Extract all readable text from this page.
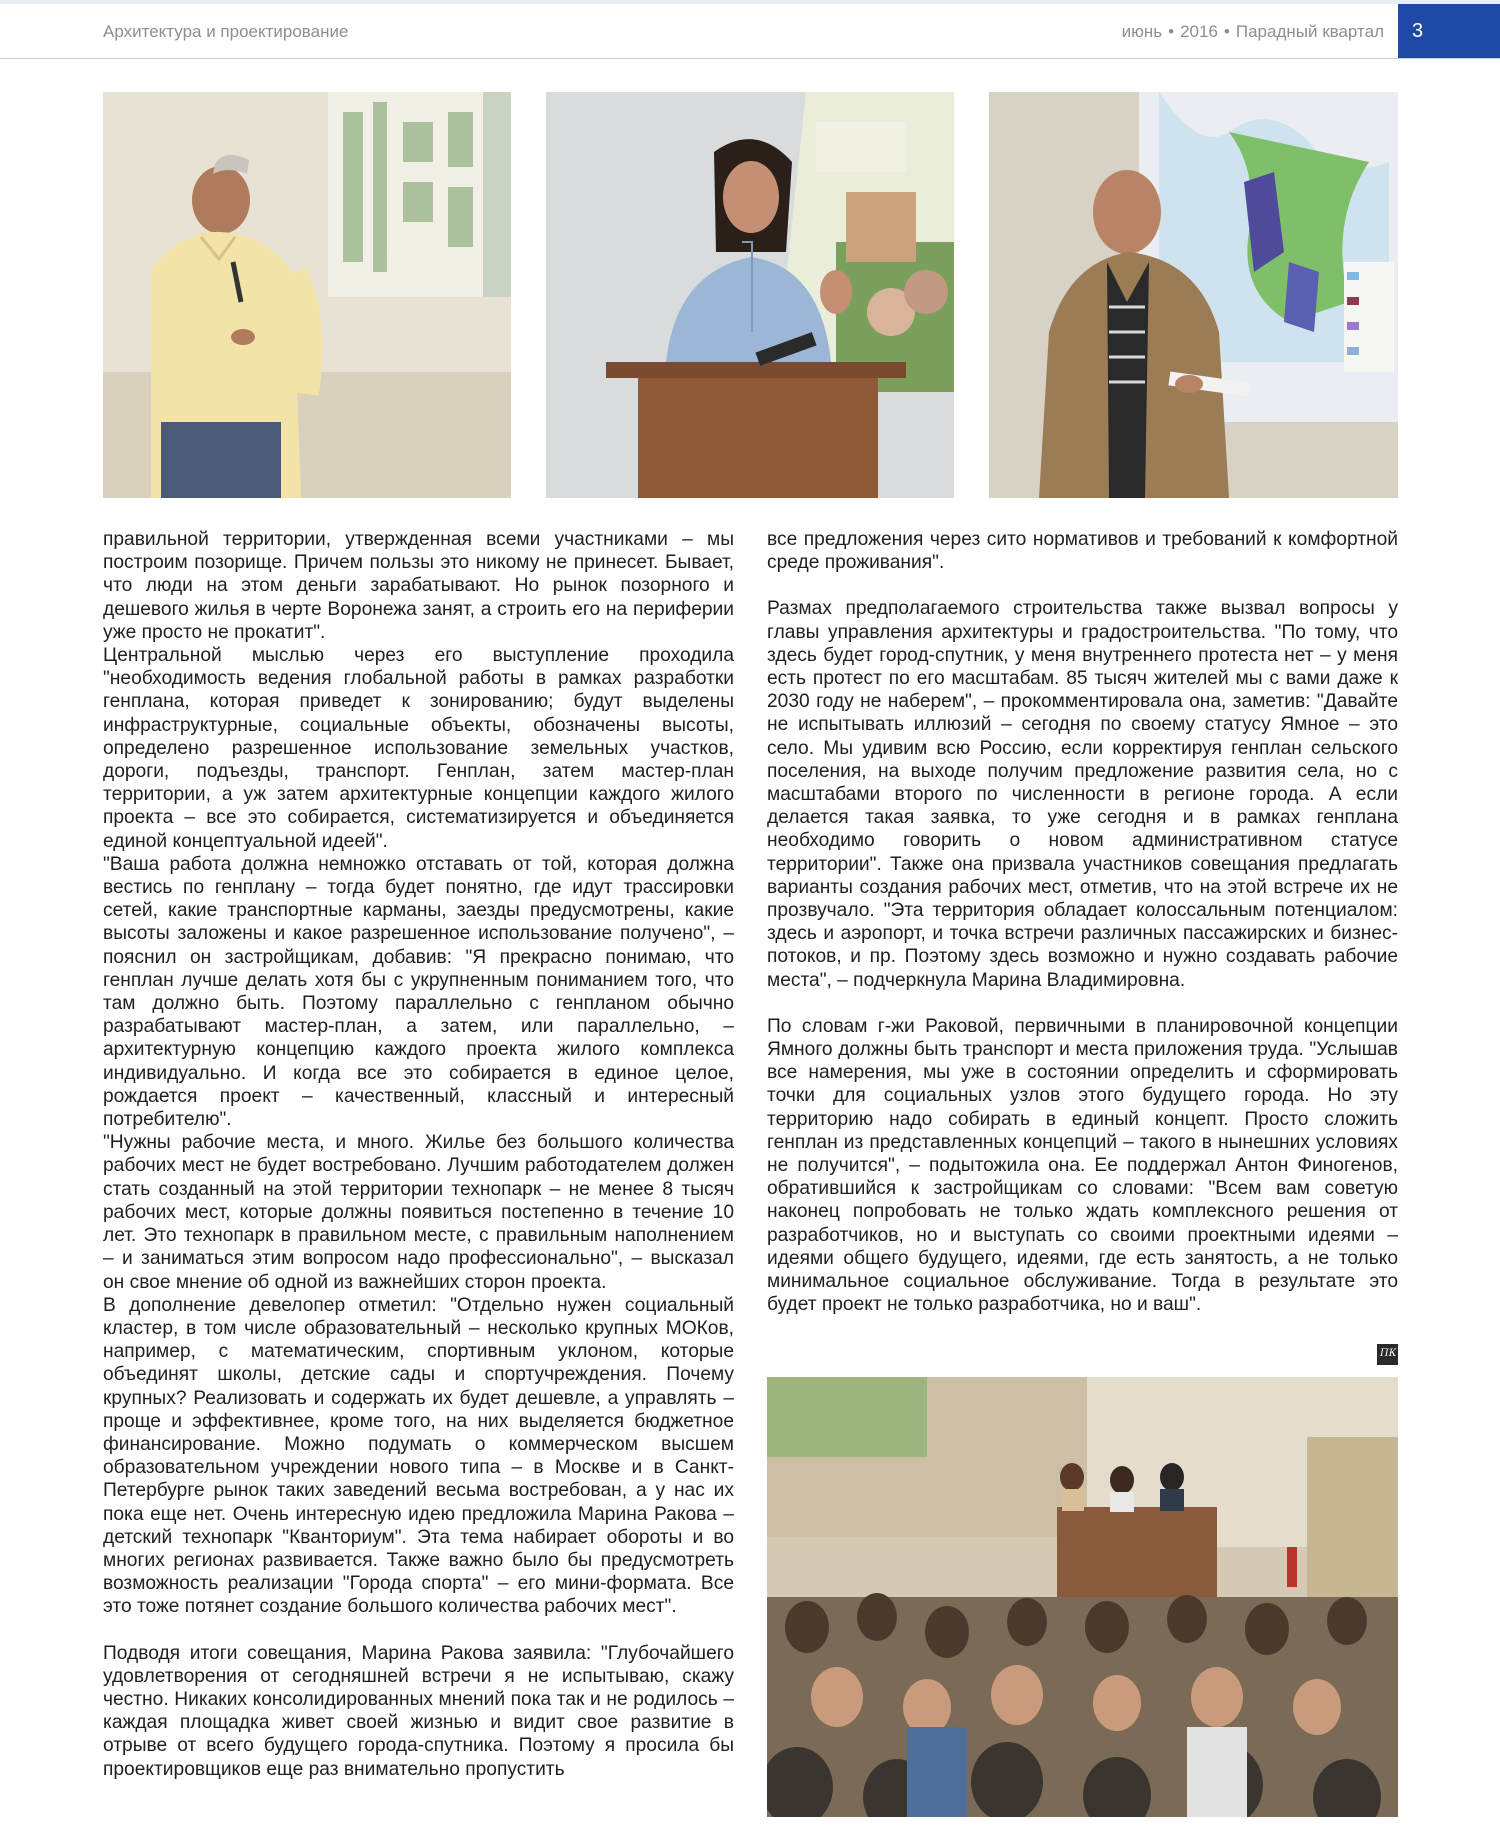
Архитектура и проектирование	июнь • 2016 • Парадный квартал 3

правильной территории, утвержденная всеми участниками – мы построим позорище. Причем пользы это никому не принесет. Бывает, что люди на этом деньги зарабатывают. Но рынок позорного и дешевого жилья в черте Воронежа занят, а строить его на периферии уже просто не прокатит".

Центральной мыслью через его выступление проходила "необходимость ведения глобальной работы в рамках разработки генплана, которая приведет к зонированию; будут выделены инфраструктурные, социальные объекты, обозначены высоты, определено разрешенное использование земельных участков, дороги, подъезды, транспорт. Генплан, затем мастер-план территории, а уж затем архитектурные концепции каждого жилого проекта – все это собирается, систематизируется и объединяется единой концептуальной идеей".

"Ваша работа должна немножко отставать от той, которая должна вестись по генплану – тогда будет понятно, где идут трассировки сетей, какие транспортные карманы, заезды предусмотрены, какие высоты заложены и какое разрешенное использование получено", – пояснил он застройщикам, добавив: "Я прекрасно понимаю, что генплан лучше делать хотя бы с укрупненным пониманием того, что там должно быть. Поэтому параллельно с генпланом обычно разрабатывают мастер-план, а затем, или параллельно, – архитектурную концепцию каждого проекта жилого комплекса индивидуально. И когда все это собирается в единое целое, рождается проект – качественный, классный и интересный потребителю".

"Нужны рабочие места, и много. Жилье без большого количества рабочих мест не будет востребовано. Лучшим работодателем должен стать созданный на этой территории технопарк – не менее 8 тысяч рабочих мест, которые должны появиться постепенно в течение 10 лет. Это технопарк в правильном месте, с правильным наполнением – и заниматься этим вопросом надо профессионально", – высказал он свое мнение об одной из важнейших сторон проекта.

В дополнение девелопер отметил: "Отдельно нужен социальный кластер, в том числе образовательный – несколько крупных МОКов, например, с математическим, спортивным уклоном, которые объединят школы, детские сады и спортучреждения. Почему крупных? Реализовать и содержать их будет дешевле, а управлять – проще и эффективнее, кроме того, на них выделяется бюджетное финансирование. Можно подумать о коммерческом высшем образовательном учреждении нового типа – в Москве и в Санкт-Петербурге рынок таких заведений весьма востребован, а у нас их пока еще нет. Очень интересную идею предложила Марина Ракова – детский технопарк "Кванториум". Эта тема набирает обороты и во многих регионах развивается. Также важно было бы предусмотреть возможность реализации "Города спорта" – его мини-формата. Все это тоже потянет создание большого количества рабочих мест".

Подводя итоги совещания, Марина Ракова заявила: "Глубочайшего удовлетворения от сегодняшней встречи я не испытываю, скажу честно. Никаких консолидированных мнений пока так и не родилось – каждая площадка живет своей жизнью и видит свое развитие в отрыве от всего будущего города-спутника. Поэтому я просила бы проектировщиков еще раз внимательно пропустить

все предложения через сито нормативов и требований к комфортной среде проживания".

Размах предполагаемого строительства также вызвал вопросы у главы управления архитектуры и градостроительства. "По тому, что здесь будет город-спутник, у меня внутреннего протеста нет – у меня есть протест по его масштабам. 85 тысяч жителей мы с вами даже к 2030 году не наберем", – прокомментировала она, заметив: "Давайте не испытывать иллюзий – сегодня по своему статусу Ямное – это село. Мы удивим всю Россию, если корректируя генплан сельского поселения, на выходе получим предложение развития села, но с масштабами второго по численности в регионе города. А если делается такая заявка, то уже сегодня и в рамках генплана необходимо говорить о новом административном статусе территории". Также она призвала участников совещания предлагать варианты создания рабочих мест, отметив, что на этой встрече их не прозвучало. "Эта территория обладает колоссальным потенциалом: здесь и аэропорт, и точка встречи различных пассажирских и бизнес-потоков, и пр. Поэтому здесь возможно и нужно создавать рабочие места", – подчеркнула Марина Владимировна.

По словам г-жи Раковой, первичными в планировочной концепции Ямного должны быть транспорт и места приложения труда. "Услышав все намерения, мы уже в состоянии определить и сформировать точки для социальных узлов этого будущего города. Но эту территорию надо собирать в единый концепт. Просто сложить генплан из представленных концепций – такого в нынешних условиях не получится", – подытожила она. Ее поддержал Антон Финогенов, обратившийся к застройщикам со словами: "Всем вам советую наконец попробовать не только ждать комплексного решения от разработчиков, но и выступать со своими проектными идеями – идеями общего будущего, идеями, где есть занятость, а не только минимальное социальное обслуживание. Тогда в результате это будет проект не только разработчика, но и ваш".

ПК
